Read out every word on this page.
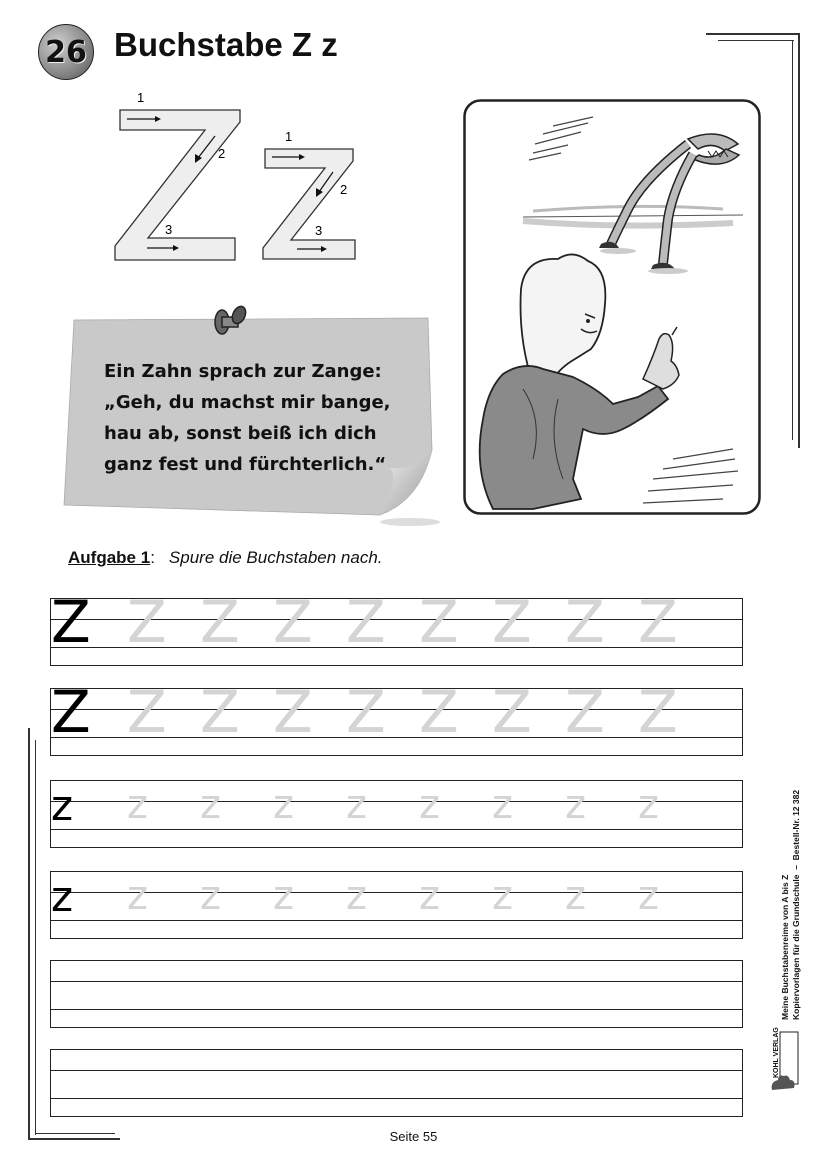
26 Buchstabe Z z
1
2
3
1
2
3
Ein Zahn sprach zur Zange:
„Geh, du machst mir bange,
hau ab, sonst beiß ich dich
ganz fest und fürchterlich.“
Aufgabe 1: Spure die Buchstaben nach.
Z Z Z Z Z Z Z Z Z
Z Z Z Z Z Z Z Z Z
z z z z z z z z z
z z z z z z z z z	Meine Buchstabenreime von A bis Z Kopiervorlagen für die Grundschule  –  Bestell-Nr. 12 382
KOHL VERLAG
Seite 55
